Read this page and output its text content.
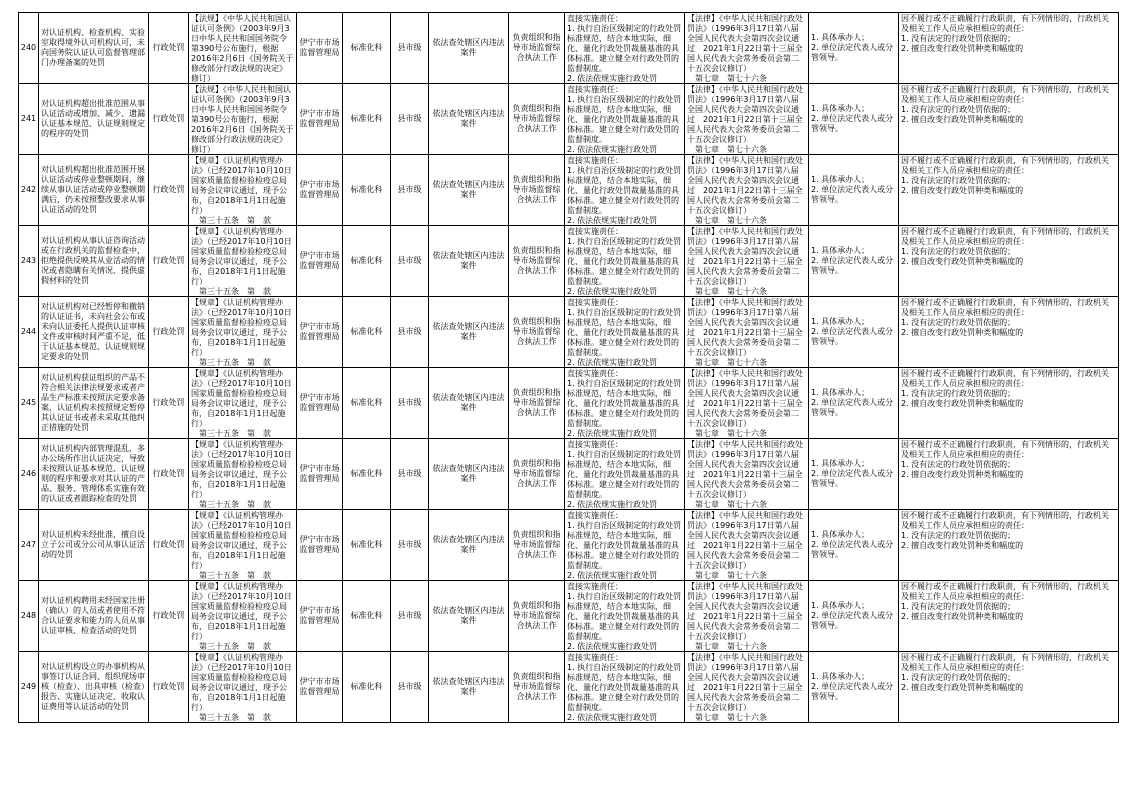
240	对认证机构、检查机构、实验室取得境外认可机构认可，未向国务院认证认可监督管理部门办理备案的处罚	行政处罚	【法规】《中华人民共和国认证认可条例》（2003年9月3日中华人民共和国国务院令第390号公布施行，根据2016年2月6日《国务院关于修改部分行政法规的决定》修订）	伊宁市市场监督管理局	标准化科	县市级	依法查处辖区内违法案件	负责组织和指导市场监督综合执法工作	直接实施责任：
1. 执行自治区级制定的行政处罚标准规范，结合本地实际，细化、量化行政处罚裁量基准的具体标准。建立健全对行政处罚的监督制度。
2. 依法依规实施行政处罚	【法律】《中华人民共和国行政处罚法》（1996年3月17日第八届全国人民代表大会第四次会议通过　2021年1月22日第十三届全国人民代表大会常务委员会第二十五次会议修订）
　第七章　第七十六条	1. 具体承办人；
2. 单位法定代表人或分管领导。	因不履行或不正确履行行政职责，有下列情形的，行政机关及相关工作人员应承担相应的责任：
1. 没有法定的行政处罚依据的；
2. 擅自改变行政处罚种类和幅度的

241	对认证机构超出批准范围从事认证活动或增加、减少、遗漏认证基本规范、认证规则规定的程序的处罚	行政处罚	【法规】《中华人民共和国认证认可条例》（2003年9月3日中华人民共和国国务院令第390号公布施行，根据2016年2月6日《国务院关于修改部分行政法规的决定》修订）	伊宁市市场监督管理局	标准化科	县市级	依法查处辖区内违法案件	负责组织和指导市场监督综合执法工作	直接实施责任：
1. 执行自治区级制定的行政处罚标准规范，结合本地实际，细化、量化行政处罚裁量基准的具体标准。建立健全对行政处罚的监督制度。
2. 依法依规实施行政处罚	【法律】《中华人民共和国行政处罚法》（1996年3月17日第八届全国人民代表大会第四次会议通过　2021年1月22日第十三届全国人民代表大会常务委员会第二十五次会议修订）
　第七章　第七十六条	1. 具体承办人；
2. 单位法定代表人或分管领导。	因不履行或不正确履行行政职责，有下列情形的，行政机关及相关工作人员应承担相应的责任：
1. 没有法定的行政处罚依据的；
2. 擅自改变行政处罚种类和幅度的

242	对认证机构超出批准范围开展认证活动或停业整顿期间，继续从事认证活动或停业整顿期满后，仍未按照整改要求从事认证活动的处罚	行政处罚	【规章】《认证机构管理办法》（已经2017年10月10日国家质量监督检验检疫总局局务会议审议通过，现予公布，自2018年1月1日起施行）
　第三十五条　第　款	伊宁市市场监督管理局	标准化科	县市级	依法查处辖区内违法案件	负责组织和指导市场监督综合执法工作	直接实施责任：
1. 执行自治区级制定的行政处罚标准规范，结合本地实际，细化、量化行政处罚裁量基准的具体标准。建立健全对行政处罚的监督制度。
2. 依法依规实施行政处罚	【法律】《中华人民共和国行政处罚法》（1996年3月17日第八届全国人民代表大会第四次会议通过　2021年1月22日第十三届全国人民代表大会常务委员会第二十五次会议修订）
　第七章　第七十六条	1. 具体承办人；
2. 单位法定代表人或分管领导。	因不履行或不正确履行行政职责，有下列情形的，行政机关及相关工作人员应承担相应的责任：
1. 没有法定的行政处罚依据的；
2. 擅自改变行政处罚种类和幅度的

243	对认证机构从事认证咨询活动或在行政机关的监督检查中，拒绝提供反映其从业活动的情况或者隐瞒有关情况、提供虚假材料的处罚	行政处罚	【规章】《认证机构管理办法》（已经2017年10月10日国家质量监督检验检疫总局局务会议审议通过，现予公布，自2018年1月1日起施行）
　第三十五条　第　款	伊宁市市场监督管理局	标准化科	县市级	依法查处辖区内违法案件	负责组织和指导市场监督综合执法工作	直接实施责任：
1. 执行自治区级制定的行政处罚标准规范，结合本地实际，细化、量化行政处罚裁量基准的具体标准。建立健全对行政处罚的监督制度。
2. 依法依规实施行政处罚	【法律】《中华人民共和国行政处罚法》（1996年3月17日第八届全国人民代表大会第四次会议通过　2021年1月22日第十三届全国人民代表大会常务委员会第二十五次会议修订）
　第七章　第七十六条	1. 具体承办人；
2. 单位法定代表人或分管领导。	因不履行或不正确履行行政职责，有下列情形的，行政机关及相关工作人员应承担相应的责任：
1. 没有法定的行政处罚依据的；
2. 擅自改变行政处罚种类和幅度的

244	对认证机构对已经暂停和撤销的认证证书，未向社会公布或未向认证委托人提供认证审核文件或审核时间严重不足，低于认证基本规范、认证规则规定要求的处罚	行政处罚	【规章】《认证机构管理办法》（已经2017年10月10日国家质量监督检验检疫总局局务会议审议通过，现予公布，自2018年1月1日起施行）
　第三十五条　第　款	伊宁市市场监督管理局	标准化科	县市级	依法查处辖区内违法案件	负责组织和指导市场监督综合执法工作	直接实施责任：
1. 执行自治区级制定的行政处罚标准规范，结合本地实际，细化、量化行政处罚裁量基准的具体标准。建立健全对行政处罚的监督制度。
2. 依法依规实施行政处罚	【法律】《中华人民共和国行政处罚法》（1996年3月17日第八届全国人民代表大会第四次会议通过　2021年1月22日第十三届全国人民代表大会常务委员会第二十五次会议修订）
　第七章　第七十六条	1. 具体承办人；
2. 单位法定代表人或分管领导。	因不履行或不正确履行行政职责，有下列情形的，行政机关及相关工作人员应承担相应的责任：
1. 没有法定的行政处罚依据的；
2. 擅自改变行政处罚种类和幅度的

245	对认证机构获证组织的产品不符合相关法律法规要求或者产品生产标准未按照法定要求备案，认证机构未按照规定暂停其认证证书或者未采取其他纠正措施的处罚	行政处罚	【规章】《认证机构管理办法》（已经2017年10月10日国家质量监督检验检疫总局局务会议审议通过，现予公布，自2018年1月1日起施行）
　第三十五条　第　款	伊宁市市场监督管理局	标准化科	县市级	依法查处辖区内违法案件	负责组织和指导市场监督综合执法工作	直接实施责任：
1. 执行自治区级制定的行政处罚标准规范，结合本地实际，细化、量化行政处罚裁量基准的具体标准。建立健全对行政处罚的监督制度。
2. 依法依规实施行政处罚	【法律】《中华人民共和国行政处罚法》（1996年3月17日第八届全国人民代表大会第四次会议通过　2021年1月22日第十三届全国人民代表大会常务委员会第二十五次会议修订）
　第七章　第七十六条	1. 具体承办人；
2. 单位法定代表人或分管领导。	因不履行或不正确履行行政职责，有下列情形的，行政机关及相关工作人员应承担相应的责任：
1. 没有法定的行政处罚依据的；
2. 擅自改变行政处罚种类和幅度的

246	对认证机构内部管理混乱，多办公场所作出认证决定，导致未按照认证基本规范、认证规则的程序和要求对其认证的产品、服务、管理体系实施有效的认证或者跟踪检查的处罚	行政处罚	【规章】《认证机构管理办法》（已经2017年10月10日国家质量监督检验检疫总局局务会议审议通过，现予公布，自2018年1月1日起施行）
　第三十五条　第　款	伊宁市市场监督管理局	标准化科	县市级	依法查处辖区内违法案件	负责组织和指导市场监督综合执法工作	直接实施责任：
1. 执行自治区级制定的行政处罚标准规范，结合本地实际，细化、量化行政处罚裁量基准的具体标准。建立健全对行政处罚的监督制度。
2. 依法依规实施行政处罚	【法律】《中华人民共和国行政处罚法》（1996年3月17日第八届全国人民代表大会第四次会议通过　2021年1月22日第十三届全国人民代表大会常务委员会第二十五次会议修订）
　第七章　第七十六条	1. 具体承办人；
2. 单位法定代表人或分管领导。	因不履行或不正确履行行政职责，有下列情形的，行政机关及相关工作人员应承担相应的责任：
1. 没有法定的行政处罚依据的；
2. 擅自改变行政处罚种类和幅度的

247	对认证机构未经批准，擅自设立子公司或分公司从事认证活动的处罚	行政处罚	【规章】《认证机构管理办法》（已经2017年10月10日国家质量监督检验检疫总局局务会议审议通过，现予公布，自2018年1月1日起施行）
　第三十五条　第　款	伊宁市市场监督管理局	标准化科	县市级	依法查处辖区内违法案件	负责组织和指导市场监督综合执法工作	直接实施责任：
1. 执行自治区级制定的行政处罚标准规范，结合本地实际，细化、量化行政处罚裁量基准的具体标准。建立健全对行政处罚的监督制度。
2. 依法依规实施行政处罚	【法律】《中华人民共和国行政处罚法》（1996年3月17日第八届全国人民代表大会第四次会议通过　2021年1月22日第十三届全国人民代表大会常务委员会第二十五次会议修订）
　第七章　第七十六条	1. 具体承办人；
2. 单位法定代表人或分管领导。	因不履行或不正确履行行政职责，有下列情形的，行政机关及相关工作人员应承担相应的责任：
1. 没有法定的行政处罚依据的；
2. 擅自改变行政处罚种类和幅度的

248	对认证机构聘用未经国家注册（确认）的人员或者使用不符合认证要求和能力的人员从事认证审核、检查活动的处罚	行政处罚	【规章】《认证机构管理办法》（已经2017年10月10日国家质量监督检验检疫总局局务会议审议通过，现予公布，自2018年1月1日起施行）
　第三十五条　第　款	伊宁市市场监督管理局	标准化科	县市级	依法查处辖区内违法案件	负责组织和指导市场监督综合执法工作	直接实施责任：
1. 执行自治区级制定的行政处罚标准规范，结合本地实际，细化、量化行政处罚裁量基准的具体标准。建立健全对行政处罚的监督制度。
2. 依法依规实施行政处罚	【法律】《中华人民共和国行政处罚法》（1996年3月17日第八届全国人民代表大会第四次会议通过　2021年1月22日第十三届全国人民代表大会常务委员会第二十五次会议修订）
　第七章　第七十六条	1. 具体承办人；
2. 单位法定代表人或分管领导。	因不履行或不正确履行行政职责，有下列情形的，行政机关及相关工作人员应承担相应的责任：
1. 没有法定的行政处罚依据的；
2. 擅自改变行政处罚种类和幅度的

249	对认证机构设立的办事机构从事签订认证合同、组织现场审核（检查）、出具审核（检查）报告、实施认证决定、收取认证费用等认证活动的处罚	行政处罚	【规章】《认证机构管理办法》（已经2017年10月10日国家质量监督检验检疫总局局务会议审议通过，现予公布，自2018年1月1日起施行）
　第三十五条　第　款	伊宁市市场监督管理局	标准化科	县市级	依法查处辖区内违法案件	负责组织和指导市场监督综合执法工作	直接实施责任：
1. 执行自治区级制定的行政处罚标准规范，结合本地实际，细化、量化行政处罚裁量基准的具体标准。建立健全对行政处罚的监督制度。
2. 依法依规实施行政处罚	【法律】《中华人民共和国行政处罚法》（1996年3月17日第八届全国人民代表大会第四次会议通过　2021年1月22日第十三届全国人民代表大会常务委员会第二十五次会议修订）
　第七章　第七十六条	1. 具体承办人；
2. 单位法定代表人或分管领导。	因不履行或不正确履行行政职责，有下列情形的，行政机关及相关工作人员应承担相应的责任：
1. 没有法定的行政处罚依据的；
2. 擅自改变行政处罚种类和幅度的
